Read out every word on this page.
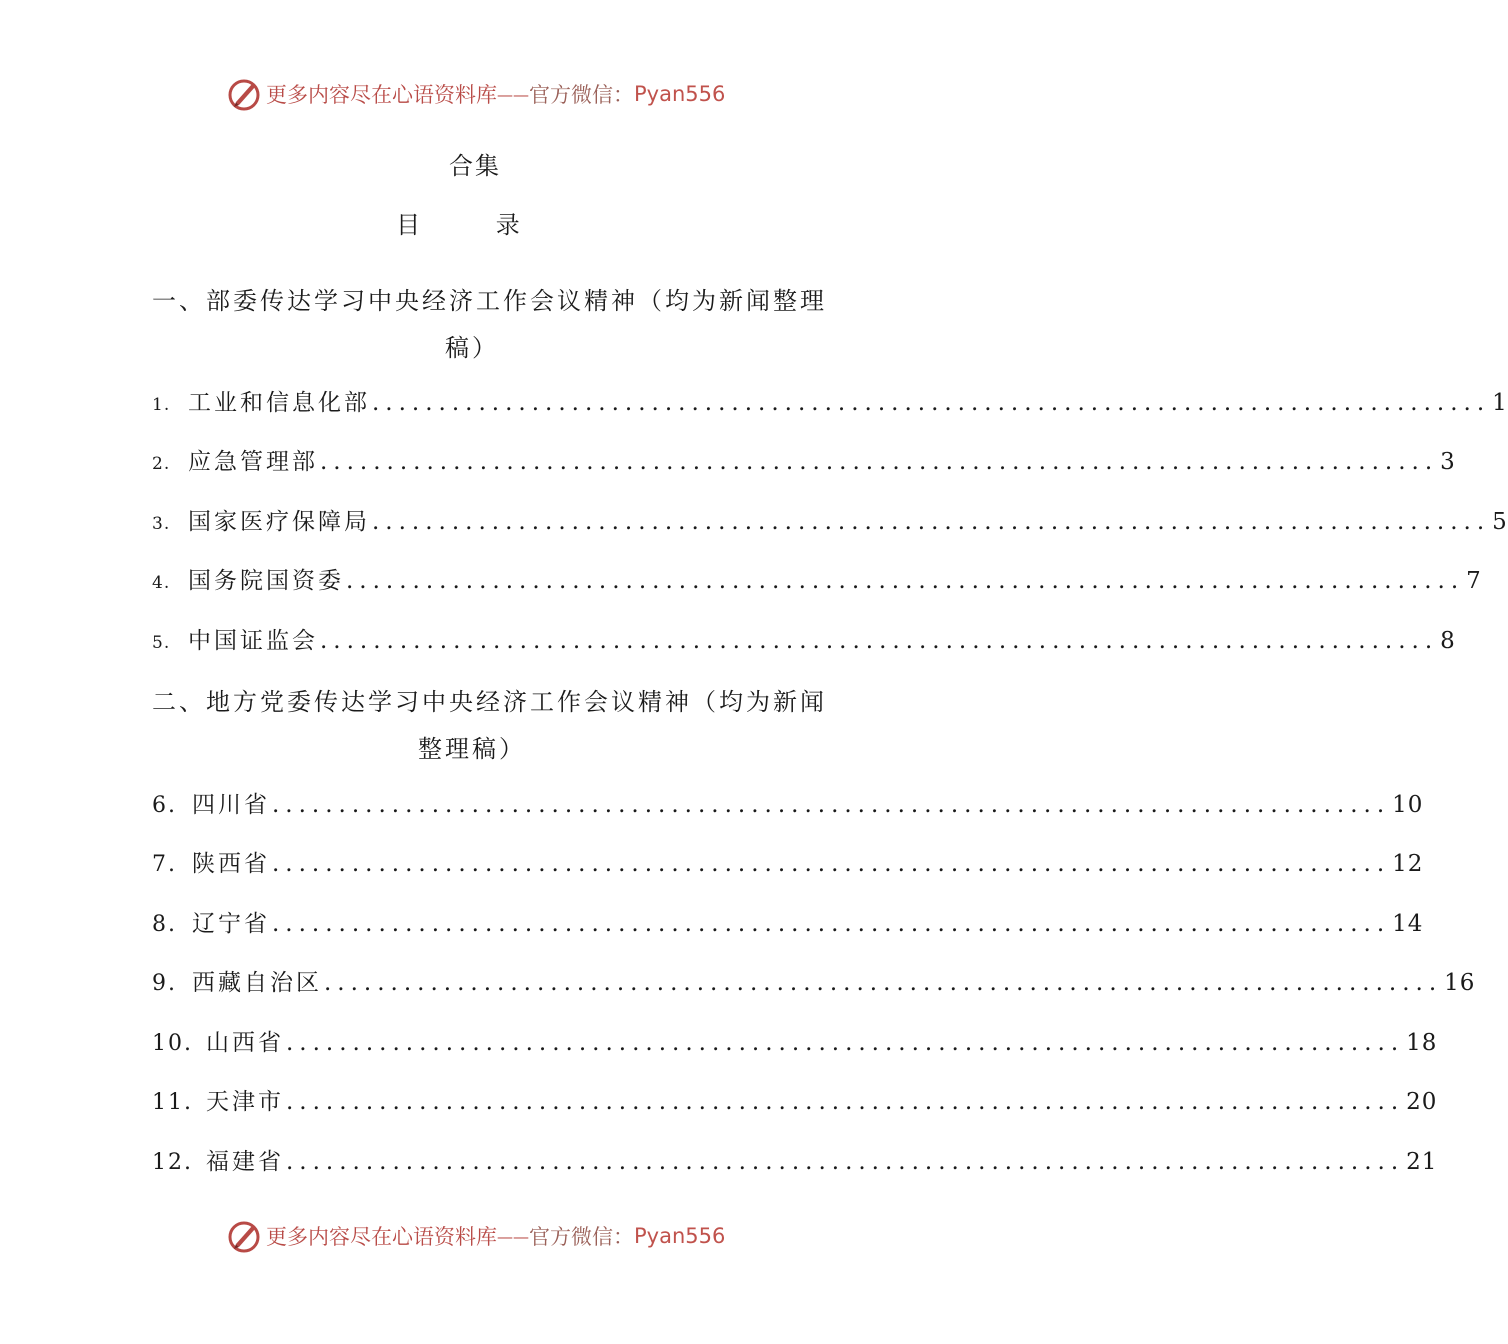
更多内容尽在心语资料库 —— 官方微信： Pyan556
合集
目 录
一、部委传达学习中央经济工作会议精神（均为新闻整理
稿）
1. 工业和信息化部 .................................................................................... 1
2. 应急管理部 .................................................................................... 3
3. 国家医疗保障局 .................................................................................... 5
4. 国务院国资委 .................................................................................... 7
5. 中国证监会 .................................................................................... 8
二、地方党委传达学习中央经济工作会议精神（均为新闻
整理稿）
6. 四川省 .................................................................................... 10
7. 陕西省 .................................................................................... 12
8. 辽宁省 .................................................................................... 14
9. 西藏自治区 .................................................................................... 16
10. 山西省 .................................................................................... 18
11. 天津市 .................................................................................... 20
12. 福建省 .................................................................................... 21
更多内容尽在心语资料库 —— 官方微信： Pyan556
